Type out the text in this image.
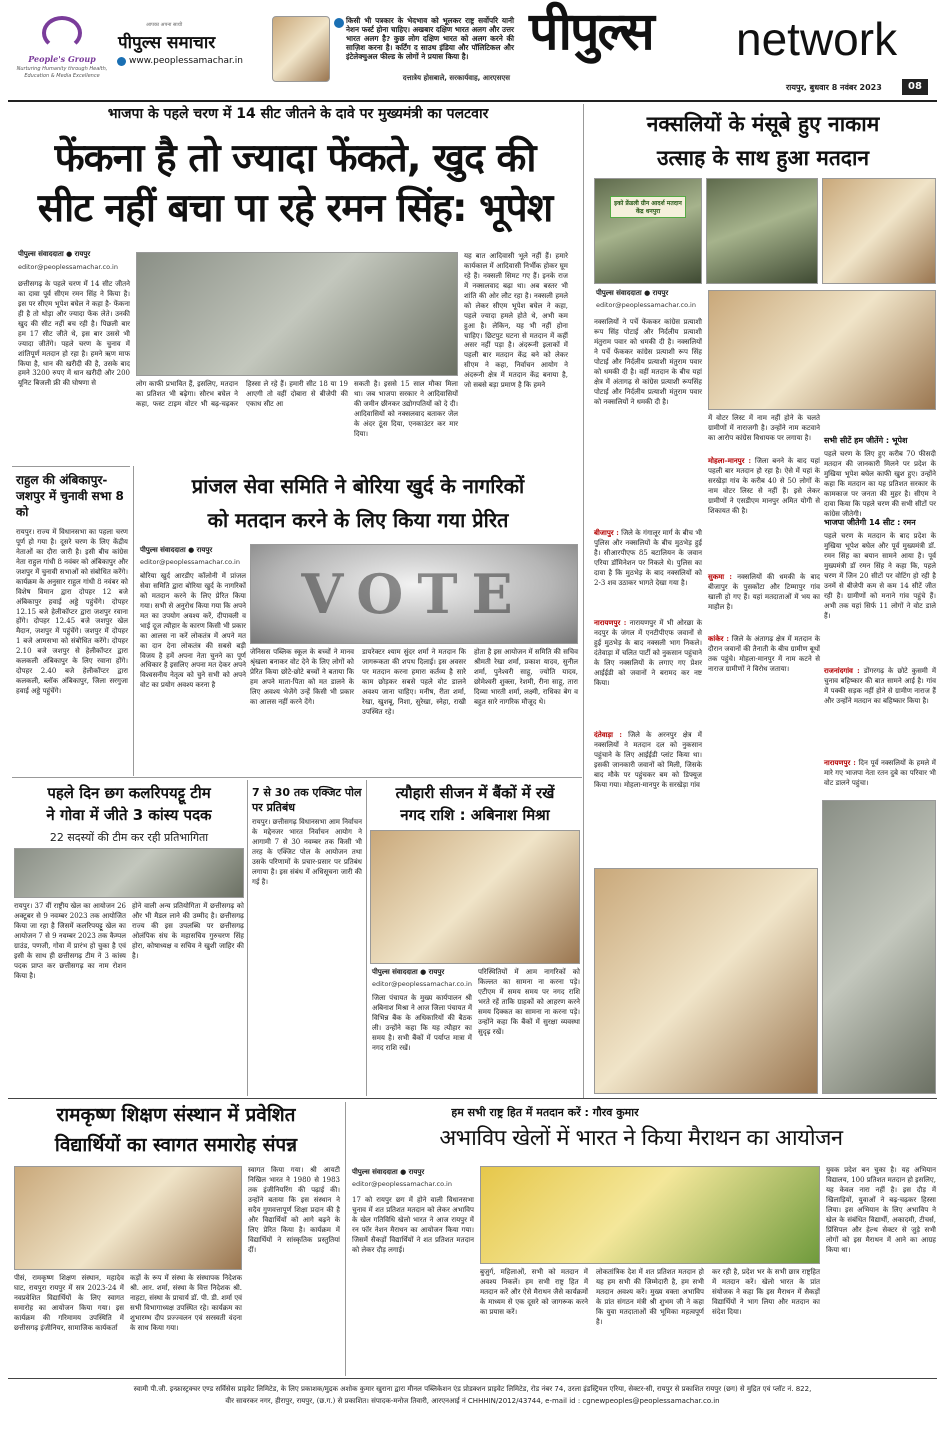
People's Group
Nurturing Humanity through Health, Education & Media Excellence
आपका अपना साथी
पीपुल्स समाचार
www.peoplessamachar.in
किसी भी पत्रकार के भेदभाव को भूलकर राष्ट्र सर्वोपरि यानी नेशन फर्स्ट होना चाहिए। अखबार दक्षिण भारत अलग और उत्तर भारत अलग है? कुछ लोग दक्षिण भारत को अलग करने की साज़िश करना है। कर्टिंग द साउथ इंडिया और पॉलिटिकल और इंटेलेक्चुअल फील्ड के लोगों ने प्रयास किया है।
दत्तात्रेय होसबाले, सरकार्यवाह, आरएसएस
पीपुल्स network
रायपुर, बुधवार 8 नवंबर 2023	08
भाजपा के पहले चरण में 14 सीट जीतने के दावे पर मुख्यमंत्री का पलटवार
फेंकना है तो ज्यादा फेंकते, खुद की
सीट नहीं बचा पा रहे रमन सिंह: भूपेश
पीपुल्स संवाददाता ● रायपुर
editor@peoplessamachar.co.in
छत्तीसगढ़ के पहले चरण में 14 सीट जीतने का दावा पूर्व सीएम रमन सिंह ने किया है। इस पर सीएम भूपेश बघेल ने कहा है- फेंकना ही है तो थोड़ा और ज्यादा फेंक लेते। उनकी खुद की सीट नहीं बच रही है। पिछली बार हम 17 सीट जीते थे, इस बार उससे भी ज्यादा जीतेंगे। पहले चरण के चुनाव में शांतिपूर्ण मतदान हो रहा है। हमने ऋण माफ किया है, धान की खरीदी की है, उसके बाद हमने 3200 रुपए में धान खरीदी और 200 यूनिट बिजली फ्री की घोषणा से	लोग काफी प्रभावित हैं, इसलिए, मतदान का प्रतिशत भी बढ़ेगा। सौरभ बघेल ने कहा, फस्ट टाइम वोटर भी बढ़-चढ़कर हिस्सा ले रहे हैं। हमारी सीट 18 या 19 आएगी तो वहीं दोबारा से बीजेपी की एकाध सीट आ
सकती है। इससे 15 साल मौका मिला था। जब भाजपा सरकार ने आदिवासियों की जमीन छीनकर उद्योगपतियों को दे दी। आदिवासियों को नक्सलवाद बताकर जेल के अंदर ठूंस दिया, एनकाउंटर कर मार दिया।
यह बात आदिवासी भूले नहीं हैं। हमारे कार्यकाल में आदिवासी निर्भीक होकर घूम रहे हैं। नक्सली सिमट गए हैं। इनके राज में नक्सलवाद बढ़ा था। अब बस्तर भी शांति की ओर लौट रहा है। नक्सली हमले को लेकर सीएम भूपेश बघेल ने कहा, पहले ज्यादा हमले होते थे, अभी कम हुआ है। लेकिन, यह भी नहीं होना चाहिए। छिटपुट घटना से मतदान में कहीं असर नहीं पड़ा है। अंदरूनी इलाकों में पहली बार मतदान केंद्र बने को लेकर सीएम ने कहा, निर्वाचन आयोग ने अंदरूनी क्षेत्र में मतदान केंद्र बनाया है, जो सबसे बड़ा प्रमाण है कि हमने
नक्सलियों के मंसूबे हुए नाकाम
उत्साह के साथ हुआ मतदान
इको फ्रेंडली ग्रीन आदर्श मतदान केंद्र धनपुरा
पीपुल्स संवाददाता ● रायपुर
editor@peoplessamachar.co.in
नक्सलियों ने पर्चे फेंककर कांग्रेस प्रत्याशी रूप सिंह पोटाई और निर्दलीय प्रत्याशी मंतुराम पवार को धमकी दी है। नक्सलियों ने पर्चे फेंककर कांग्रेस प्रत्याशी रूप सिंह पोटाई और निर्दलीय प्रत्याशी मंतुराम पवार को धमकी दी है। वहीं मतदान के बीच यहां क्षेत्र में अंतागढ़ से कांग्रेस प्रत्याशी रूपसिंह पोटाई और निर्दलीय प्रत्याशी मंतुराम पवार को नक्सलियों ने धमकी दी है।
बीजापुर : जिले के गंगालूर मार्ग के बीच भी पुलिस और नक्सलियों के बीच मुठभेड़ हुई है। सीआरपीएफ 85 बटालियन के जवान एरिया डॉमिनेशन पर निकले थे। पुलिस का दावा है कि मुठभेड़ के बाद नक्सलियों को 2-3 शव उठाकर भागते देखा गया है।
नारायणपुर : नारायणपुर में भी ओरछा के नदपुर के जंगल में एनटीपीएफ जवानों से हुई मुठभेड़ के बाद नक्सली भाग निकले। दंतेवाड़ा में चलित पार्टी को नुकसान पहुंचाने के लिए नक्सलियों के लगाए गए प्रेशर आईईडी को जवानों ने बरामद कर नष्ट किया।
दंतेवाड़ा : जिले के अरनपुर क्षेत्र में नक्सलियों ने मतदान दल को नुकसान पहुंचाने के लिए आईईडी प्लांट किया था। इसकी जानकारी जवानों को मिली, जिसके बाद मौके पर पहुंचकर बम को डिफ्यूज किया गया। मोहला-मानपुर के सरखेड़ा गांव
में वोटर लिस्ट में नाम नहीं होने के चलते ग्रामीणों में नाराजगी है। उन्होंने नाम कटवाने का आरोप कांग्रेस विधायक पर लगाया है।
मोहला–मानपुर : जिला बनने के बाद यहां पहली बार मतदान हो रहा है। ऐसे में यहां के सरखेड़ा गांव के करीब 40 से 50 लोगों के नाम वोटर लिस्ट से नहीं हैं। इसे लेकर ग्रामीणों ने एसडीएम मानपुर अमित योगी से शिकायत की है।
सुकमा : नक्सलियों की धमकी के बाद बीजापुर के पुसकोंटा और टिम्मापुर गांव खाली हो गए हैं। यहां मतदाताओं में भय का माहौल है।
कांकेर : जिले के अंतागढ़ क्षेत्र में मतदान के दौरान जवानों की तैनाती के बीच ग्रामीण बूथों तक पहुंचे। मोहला-मानपुर में नाम कटने से नाराज ग्रामीणों ने विरोध जताया।
सभी सीटें हम जीतेंगे : भूपेश
पहले चरण के लिए हुए करीब 70 फीसदी मतदान की जानकारी मिलने पर प्रदेश के मुखिया भूपेश बघेल काफी खुश हुए। उन्होंने कहा कि मतदान का यह प्रतिशत सरकार के कामकाज पर जनता की मुहर है। सीएम ने दावा किया कि पहले चरण की सभी सीटों पर कांग्रेस जीतेगी।
भाजपा जीतेगी 14 सीट : रमन
पहले चरण के मतदान के बाद प्रदेश के मुखिया भूपेश बघेल और पूर्व मुख्यमंत्री डॉ. रमन सिंह का बयान सामने आया है। पूर्व मुख्यमंत्री डॉ रमन सिंह ने कहा कि, पहले चरण में जिन 20 सीटों पर वोटिंग हो रही है उनमें से बीजेपी कम से कम 14 सीटें जीत रही है। ग्रामीणों को मनाने गांव पहुंचे हैं। अभी तक यहां सिर्फ 11 लोगों ने वोट डाले हैं।
राजनांदगांव : डोंगरगढ़ के छोटे कुसमी में चुनाव बहिष्कार की बात सामने आई है। गांव में पक्की सड़क नहीं होने से ग्रामीण नाराज हैं और उन्होंने मतदान का बहिष्कार किया है।
नारायणपुर : दिन पूर्व नक्सलियों के हमले में मारे गए भाजपा नेता रतन दुबे का परिवार भी वोट डालने पहुंचा।
राहुल की अंबिकापुर-जशपुर में चुनावी सभा 8 को
रायपुर। राज्य में विधानसभा का पहला चरण पूर्ण हो गया है। दूसरे चरण के लिए केंद्रीय नेताओं का दौरा जारी है। इसी बीच कांग्रेस नेता राहुल गांधी 8 नवंबर को अंबिकापुर और जशपुर में चुनावी सभाओं को संबोधित करेंगे। कार्यक्रम के अनुसार राहुल गांधी 8 नवंबर को विशेष विमान द्वारा दोपहर 12 बजे अंबिकापुर हवाई अड्डे पहुंचेंगे। दोपहर 12.15 बजे हेलीकॉप्टर द्वारा जशपुर रवाना होंगे। दोपहर 12.45 बजे जशपुर खेल मैदान, जशपुर में पहुंचेंगे। जशपुर में दोपहर 1 बजे आमसभा को संबोधित करेंगे। दोपहर 2.10 बजे जशपुर से हेलीकॉप्टर द्वारा कलकली अंबिकापुर के लिए रवाना होंगे। दोपहर 2.40 बजे हेलीकॉप्टर द्वारा कलकली, ब्लॉक अंबिकापुर, जिला सरगुजा हवाई अड्डे पहुंचेंगे।
प्रांजल सेवा समिति ने बोरिया खुर्द के नागरिकों
को मतदान करने के लिए किया गया प्रेरित
पीपुल्स संवाददाता ● रायपुर
editor@peoplessamachar.co.in
बोरिया खुर्द आरडीए कॉलोनी में प्रांजल सेवा समिति द्वारा बोरिया खुर्द के नागरिकों को मतदान करने के लिए प्रेरित किया गया। सभी से अनुरोध किया गया कि अपने मत का उपयोग अवश्य करें, दीपावली व भाई दूज त्यौहार के कारण किसी भी प्रकार का आलस ना करें लोकतंत्र में अपने मत का दान देना लोकतंत्र की सबसे बड़ी विजय है हमें अपना नेता चुनने का पूर्ण अधिकार है इसलिए अपना मत देकर अपने विश्वसनीय नेतृत्व को चुने सभी को अपने वोट का प्रयोग अवश्य करना है
VOTE
जेनिसस पब्लिक स्कूल के बच्चों ने मानव श्रृंखला बनाकर वोट देने के लिए लोगों को प्रेरित किया छोटे-छोटे बच्चों ने बताया कि हम अपने माता-पिता को मत डालने के लिए अवश्य भेजेंगे उन्हें किसी भी प्रकार का आलस नहीं करने देंगे।
डायरेक्टर श्याम सुंदर शर्मा ने मतदान कि जागरूकता की शपथ दिलाई। इस अवसर पर मतदान करना हमारा कर्तव्य है सारे काम छोड़कर सबसे पहले वोट डालने अवश्य जाना चाहिए। मनीष, रीता शर्मा, रेखा, खुशबू, निशा, सुरेखा, स्नेहा, राखी उपस्थित रहे।
होता है इस आयोजन में समिति की सचिव श्रीमती रेखा शर्मा, प्रकाश यादव, सुनील शर्मा, पुनेश्वरी साहू, ज्योति यादव, छोमेश्वरी शुक्ला, रेशमी, रीना साहू, तारा दिव्या भारती शर्मा, लक्ष्मी, राधिका बेग व बहुत सारे नागरिक मौजूद थे।
पहले दिन छग कलरिपयट्टू टीम
ने गोवा में जीते 3 कांस्य पदक
22 सदस्यों की टीम कर रही प्रतिभागिता
रायपुर। 37 वीं राष्ट्रीय खेल का आयोजन 26 अक्टूबर से 9 नवम्बर 2023 तक आयोजित किया जा रहा है जिसमें कलरिपयट्टू खेल का आयोजन 7 से 9 नवम्बर 2023 तक कैम्पल ग्राउंड, पणजी, गोवा में प्रारंभ हो चुका है एवं इसी के साथ ही छत्तीसगढ़ टीम ने 3 कांस्य पदक प्राप्त कर छत्तीसगढ़ का नाम रोशन किया है।
होने वाली अन्य प्रतियोगिता में छत्तीसगढ़ को और भी मैडल लाने की उम्मीद है। छत्तीसगढ़ राज्य की इस उपलब्धि पर छत्तीसगढ़ ओलंपिक संघ के महासचिव गुरुचरण सिंह होरा, कोषाध्यक्ष व सचिव ने खुशी जाहिर की है।
7 से 30 तक एक्जिट पोल पर प्रतिबंध
रायपुर। छत्तीसगढ़ विधानसभा आम निर्वाचन के मद्देनजर भारत निर्वाचन आयोग ने आगामी 7 से 30 नवम्बर तक किसी भी तरह के एक्जिट पोल के आयोजन तथा उसके परिणामों के प्रचार-प्रसार पर प्रतिबंध लगाया है। इस संबंध में अधिसूचना जारी की गई है।
त्यौहारी सीजन में बैंकों में रखें
नगद राशि : अबिनाश मिश्रा
पीपुल्स संवाददाता ● रायपुर
editor@peoplessamachar.co.in
जिला पंचायत के मुख्य कार्यपालन श्री अबिनाश मिश्रा ने आज जिला पंचायत में विभिन्न बैंक के अधिकारियों की बैठक ली। उन्होंने कहा कि यह त्यौहार का समय है। सभी बैंकों में पर्याप्त मात्रा में नगद राशि रखें।
परिस्थितियों में आम नागरिकों को किल्लत का सामना ना करना पड़े। एटीएम में समय समय पर नगद राशि भरते रहें ताकि ग्राहकों को आहरण करने समय दिक्कत का सामना ना करना पड़े। उन्होंने कहा कि बैंकों में सुरक्षा व्यवस्था सुदृढ़ रखें।
रामकृष्ण शिक्षण संस्थान में प्रवेशित
विद्यार्थियों का स्वागत समारोह संपन्न
पीसं, रामकृष्ण शिक्षण संस्थान, महादेव घाट, रायपुरा रायपुर में सत्र 2023-24 में नवप्रवेशित विद्यार्थियों के लिए स्वागत समारोह का आयोजन किया गया। इस कार्यक्रम की गरिमामय उपस्थिति में छत्तीसगढ़ इंजीनियर, सामाजिक कार्यकर्ता
कड़ों के रूप में संस्था के संस्थापक निदेशक श्री. आर. शर्मा, संस्था के वित्त निदेशक श्री. नाहटा, संस्था के प्राचार्य डॉ. पी. डी. शर्मा एवं सभी विभागाध्यक्ष उपस्थित रहे। कार्यक्रम का शुभारम्भ दीप प्रज्ज्वलन एवं सरस्वती वंदना के साथ किया गया।
स्वागत किया गया। श्री आयटी निखिल भारत ने 1980 से 1983 तक इंजीनियरिंग की पढ़ाई की। उन्होंने बताया कि इस संस्थान ने सदैव गुणवत्तापूर्ण शिक्षा प्रदान की है और विद्यार्थियों को आगे बढ़ने के लिए प्रेरित किया है। कार्यक्रम में विद्यार्थियों ने सांस्कृतिक प्रस्तुतियां दीं।
हम सभी राष्ट्र हित में मतदान करें : गौरव कुमार
अभाविप खेलों में भारत ने किया मैराथन का आयोजन
पीपुल्स संवाददाता ● रायपुर
editor@peoplessamachar.co.in
17 को रायपुर छग में होने वाली विधानसभा चुनाव में शत प्रतिशत मतदान को लेकर अभाविप के खेल गतिविधि खेलो भारत ने आज रायपुर में रन फॉर नेशन मैराथन का आयोजन किया गया। जिसमें सैकड़ों विद्यार्थियों ने शत प्रतिशत मतदान को लेकर दौड़ लगाई।
बुजुर्ग, महिलाओं, सभी को मतदान में अवश्य निकलें। हम सभी राष्ट्र हित में मतदान करें और ऐसे मैराथन जैसे कार्यक्रमों के माध्यम से एक दूसरे को जागरूक करने का प्रयास करें।
लोकतांत्रिक देश में शत प्रतिशत मतदान हो यह हम सभी की जिम्मेदारी है, हम सभी मतदान अवश्य करें। मुख्य वक्ता अभाविप के प्रांत संगठन मंत्री श्री शुभम जी ने कहा कि युवा मतदाताओं की भूमिका महत्वपूर्ण है।
कर रही है, प्रदेश भर के सभी छात्र राष्ट्रहित में मतदान करें। खेलो भारत के प्रांत संयोजक ने कहा कि इस मैराथन में सैकड़ों विद्यार्थियों ने भाग लिया और मतदान का संदेश दिया।
युवक प्रदेश बन चुका है। यह अभियान विद्यालय, 100 प्रतिशत मतदान हो इसलिए, यह केवल नारा नहीं है। इस दौड़ में खिलाड़ियों, युवाओं ने बढ़-चढ़कर हिस्सा लिया। इस अभियान के लिए अभाविप ने खेल के संबंधित विद्यार्थी, अकादमी, टीचर्स, प्रिंसिपल और हेल्थ सेक्टर से जुड़े सभी लोगों को इस मैराथन में आने का आग्रह किया था।
स्वामी पी.जी. इन्फ्रास्ट्रक्चर एण्ड सर्विसेस प्राइवेट लिमिटेड, के लिए प्रकाशक/मुद्रक अशोक कुमार खुराना द्वारा मीनल पब्लिकेशन एंड प्रोडक्शन प्राइवेट लिमिटेड, रोड नंबर 74, उरला इंडस्ट्रियल एरिया, सेक्टर-सी, रायपुर से प्रकाशित रायपुर (छग) से मुद्रित एवं प्लॉट नं. 822,
वीर सावरकर नगर, हीरापुर, रायपुर, (छ.ग.) से प्रकाशित। संपादक-मनोज तिवारी, आरएनआई नं CHHHIN/2012/43744, e-mail id : cgnewpeoples@peoplessamachar.co.in
